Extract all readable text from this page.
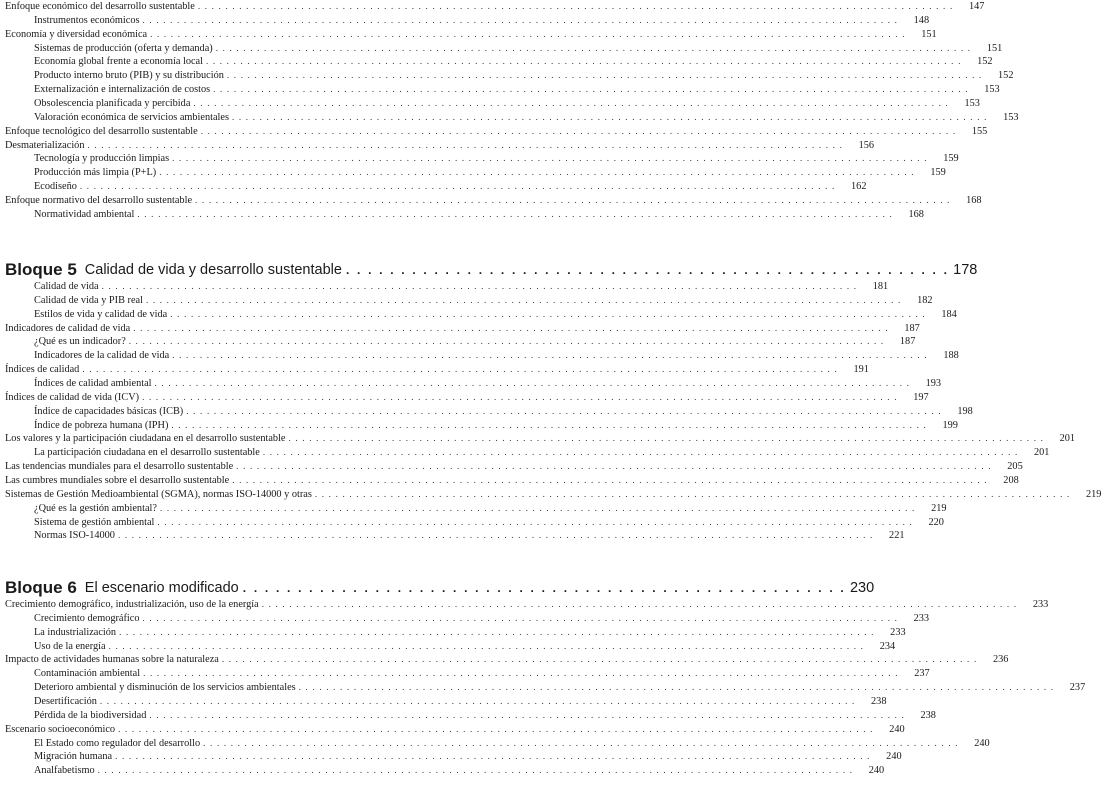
Enfoque económico del desarrollo sustentable . . . . . . . . . . . . . . . . . . . . . . . . . . . . . . . . . . . . . . . . . . . . . . . . . . . . . . . . . . . . . . . . . . . . . . . . . . . . . . . . . . . . . . . . . . . . . . . . . . . . . . . . . . . . . .	147
Instrumentos económicos . . . . . . . . . . . . . . . . . . . . . . . . . . . . . . . . . . . . . . . . . . . . . . . . . . . . . . . . . . . . . . . . . . . . . . . . . . . . . . . . . . . . . . . . . . . . . . . . . . . . . . . . . . . . . .	148
Economía y diversidad económica . . . . . . . . . . . . . . . . . . . . . . . . . . . . . . . . . . . . . . . . . . . . . . . . . . . . . . . . . . . . . . . . . . . . . . . . . . . . . . . . . . . . . . . . . . . . . . . . . . . . . . . . . . . . . .	151
Sistemas de producción (oferta y demanda) . . . . . . . . . . . . . . . . . . . . . . . . . . . . . . . . . . . . . . . . . . . . . . . . . . . . . . . . . . . . . . . . . . . . . . . . . . . . . . . . . . . . . . . . . . . . . . . . . . . . . . . . . . . . . .	151
Economía global frente a economía local . . . . . . . . . . . . . . . . . . . . . . . . . . . . . . . . . . . . . . . . . . . . . . . . . . . . . . . . . . . . . . . . . . . . . . . . . . . . . . . . . . . . . . . . . . . . . . . . . . . . . . . . . . . . . .	152
Producto interno bruto (PIB) y su distribución . . . . . . . . . . . . . . . . . . . . . . . . . . . . . . . . . . . . . . . . . . . . . . . . . . . . . . . . . . . . . . . . . . . . . . . . . . . . . . . . . . . . . . . . . . . . . . . . . . . . . . . . . . . . . .	152
Externalización e internalización de costos . . . . . . . . . . . . . . . . . . . . . . . . . . . . . . . . . . . . . . . . . . . . . . . . . . . . . . . . . . . . . . . . . . . . . . . . . . . . . . . . . . . . . . . . . . . . . . . . . . . . . . . . . . . . . .	153
Obsolescencia planificada y percibida . . . . . . . . . . . . . . . . . . . . . . . . . . . . . . . . . . . . . . . . . . . . . . . . . . . . . . . . . . . . . . . . . . . . . . . . . . . . . . . . . . . . . . . . . . . . . . . . . . . . . . . . . . . . . .	153
Valoración económica de servicios ambientales . . . . . . . . . . . . . . . . . . . . . . . . . . . . . . . . . . . . . . . . . . . . . . . . . . . . . . . . . . . . . . . . . . . . . . . . . . . . . . . . . . . . . . . . . . . . . . . . . . . . . . . . . . . . . .	153
Enfoque tecnológico del desarrollo sustentable . . . . . . . . . . . . . . . . . . . . . . . . . . . . . . . . . . . . . . . . . . . . . . . . . . . . . . . . . . . . . . . . . . . . . . . . . . . . . . . . . . . . . . . . . . . . . . . . . . . . . . . . . . . . . .	155
Desmaterialización . . . . . . . . . . . . . . . . . . . . . . . . . . . . . . . . . . . . . . . . . . . . . . . . . . . . . . . . . . . . . . . . . . . . . . . . . . . . . . . . . . . . . . . . . . . . . . . . . . . . . . . . . . . . . .	156
Tecnología y producción limpias . . . . . . . . . . . . . . . . . . . . . . . . . . . . . . . . . . . . . . . . . . . . . . . . . . . . . . . . . . . . . . . . . . . . . . . . . . . . . . . . . . . . . . . . . . . . . . . . . . . . . . . . . . . . . .	159
Producción más limpia (P+L) . . . . . . . . . . . . . . . . . . . . . . . . . . . . . . . . . . . . . . . . . . . . . . . . . . . . . . . . . . . . . . . . . . . . . . . . . . . . . . . . . . . . . . . . . . . . . . . . . . . . . . . . . . . . . .	159
Ecodiseño . . . . . . . . . . . . . . . . . . . . . . . . . . . . . . . . . . . . . . . . . . . . . . . . . . . . . . . . . . . . . . . . . . . . . . . . . . . . . . . . . . . . . . . . . . . . . . . . . . . . . . . . . . . . . .	162
Enfoque normativo del desarrollo sustentable . . . . . . . . . . . . . . . . . . . . . . . . . . . . . . . . . . . . . . . . . . . . . . . . . . . . . . . . . . . . . . . . . . . . . . . . . . . . . . . . . . . . . . . . . . . . . . . . . . . . . . . . . . . . . .	168
Normatividad ambiental . . . . . . . . . . . . . . . . . . . . . . . . . . . . . . . . . . . . . . . . . . . . . . . . . . . . . . . . . . . . . . . . . . . . . . . . . . . . . . . . . . . . . . . . . . . . . . . . . . . . . . . . . . . . . .	168
Bloque 5 Calidad de vida y desarrollo sustentable . . . . . . . . . . . . . . . . . . . . . . . . . . . . . . . . . . . . . . . . . . . . . . . . . . . . . . . 178
Calidad de vida . . . . . . . . . . . . . . . . . . . . . . . . . . . . . . . . . . . . . . . . . . . . . . . . . . . . . . . . . . . . . . . . . . . . . . . . . . . . . . . . . . . . . . . . . . . . . . . . . . . . . . . . . . . . . .	181
Calidad de vida y PIB real . . . . . . . . . . . . . . . . . . . . . . . . . . . . . . . . . . . . . . . . . . . . . . . . . . . . . . . . . . . . . . . . . . . . . . . . . . . . . . . . . . . . . . . . . . . . . . . . . . . . . . . . . . . . . .	182
Estilos de vida y calidad de vida . . . . . . . . . . . . . . . . . . . . . . . . . . . . . . . . . . . . . . . . . . . . . . . . . . . . . . . . . . . . . . . . . . . . . . . . . . . . . . . . . . . . . . . . . . . . . . . . . . . . . . . . . . . . . .	184
Indicadores de calidad de vida . . . . . . . . . . . . . . . . . . . . . . . . . . . . . . . . . . . . . . . . . . . . . . . . . . . . . . . . . . . . . . . . . . . . . . . . . . . . . . . . . . . . . . . . . . . . . . . . . . . . . . . . . . . . . .	187
¿Qué es un indicador? . . . . . . . . . . . . . . . . . . . . . . . . . . . . . . . . . . . . . . . . . . . . . . . . . . . . . . . . . . . . . . . . . . . . . . . . . . . . . . . . . . . . . . . . . . . . . . . . . . . . . . . . . . . . . .	187
Indicadores de la calidad de vida . . . . . . . . . . . . . . . . . . . . . . . . . . . . . . . . . . . . . . . . . . . . . . . . . . . . . . . . . . . . . . . . . . . . . . . . . . . . . . . . . . . . . . . . . . . . . . . . . . . . . . . . . . . . . .	188
Índices de calidad . . . . . . . . . . . . . . . . . . . . . . . . . . . . . . . . . . . . . . . . . . . . . . . . . . . . . . . . . . . . . . . . . . . . . . . . . . . . . . . . . . . . . . . . . . . . . . . . . . . . . . . . . . . . . .	191
Índices de calidad ambiental . . . . . . . . . . . . . . . . . . . . . . . . . . . . . . . . . . . . . . . . . . . . . . . . . . . . . . . . . . . . . . . . . . . . . . . . . . . . . . . . . . . . . . . . . . . . . . . . . . . . . . . . . . . . . .	193
Índices de calidad de vida (ICV) . . . . . . . . . . . . . . . . . . . . . . . . . . . . . . . . . . . . . . . . . . . . . . . . . . . . . . . . . . . . . . . . . . . . . . . . . . . . . . . . . . . . . . . . . . . . . . . . . . . . . . . . . . . . . .	197
Índice de capacidades básicas (ICB) . . . . . . . . . . . . . . . . . . . . . . . . . . . . . . . . . . . . . . . . . . . . . . . . . . . . . . . . . . . . . . . . . . . . . . . . . . . . . . . . . . . . . . . . . . . . . . . . . . . . . . . . . . . . . .	198
Índice de pobreza humana (IPH) . . . . . . . . . . . . . . . . . . . . . . . . . . . . . . . . . . . . . . . . . . . . . . . . . . . . . . . . . . . . . . . . . . . . . . . . . . . . . . . . . . . . . . . . . . . . . . . . . . . . . . . . . . . . . .	199
Los valores y la participación ciudadana en el desarrollo sustentable . . . . . . . . . . . . . . . . . . . . . . . . . . . . . . . . . . . . . . . . . . . . . . . . . . . . . . . . . . . . . . . . . . . . . . . . . . . . . . . . . . . . . . . . . . . . . . . . . . . . . . . . . . . . . .	201
La participación ciudadana en el desarrollo sustentable . . . . . . . . . . . . . . . . . . . . . . . . . . . . . . . . . . . . . . . . . . . . . . . . . . . . . . . . . . . . . . . . . . . . . . . . . . . . . . . . . . . . . . . . . . . . . . . . . . . . . . . . . . . . . .	201
Las tendencias mundiales para el desarrollo sustentable . . . . . . . . . . . . . . . . . . . . . . . . . . . . . . . . . . . . . . . . . . . . . . . . . . . . . . . . . . . . . . . . . . . . . . . . . . . . . . . . . . . . . . . . . . . . . . . . . . . . . . . . . . . . . .	205
Las cumbres mundiales sobre el desarrollo sustentable . . . . . . . . . . . . . . . . . . . . . . . . . . . . . . . . . . . . . . . . . . . . . . . . . . . . . . . . . . . . . . . . . . . . . . . . . . . . . . . . . . . . . . . . . . . . . . . . . . . . . . . . . . . . . .	208
Sistemas de Gestión Medioambiental (SGMA), normas ISO-14000 y otras . . . . . . . . . . . . . . . . . . . . . . . . . . . . . . . . . . . . . . . . . . . . . . . . . . . . . . . . . . . . . . . . . . . . . . . . . . . . . . . . . . . . . . . . . . . . . . . . . . . . . . . . . . . . . .	219
¿Qué es la gestión ambiental? . . . . . . . . . . . . . . . . . . . . . . . . . . . . . . . . . . . . . . . . . . . . . . . . . . . . . . . . . . . . . . . . . . . . . . . . . . . . . . . . . . . . . . . . . . . . . . . . . . . . . . . . . . . . . .	219
Sistema de gestión ambiental . . . . . . . . . . . . . . . . . . . . . . . . . . . . . . . . . . . . . . . . . . . . . . . . . . . . . . . . . . . . . . . . . . . . . . . . . . . . . . . . . . . . . . . . . . . . . . . . . . . . . . . . . . . . . .	220
Normas ISO-14000 . . . . . . . . . . . . . . . . . . . . . . . . . . . . . . . . . . . . . . . . . . . . . . . . . . . . . . . . . . . . . . . . . . . . . . . . . . . . . . . . . . . . . . . . . . . . . . . . . . . . . . . . . . . . . .	221
Bloque 6 El escenario modificado . . . . . . . . . . . . . . . . . . . . . . . . . . . . . . . . . . . . . . . . . . . . . . . . . . . . . . . 230
Crecimiento demográfico, industrialización, uso de la energía . . . . . . . . . . . . . . . . . . . . . . . . . . . . . . . . . . . . . . . . . . . . . . . . . . . . . . . . . . . . . . . . . . . . . . . . . . . . . . . . . . . . . . . . . . . . . . . . . . . . . . . . . . . . . .	233
Crecimiento demográfico . . . . . . . . . . . . . . . . . . . . . . . . . . . . . . . . . . . . . . . . . . . . . . . . . . . . . . . . . . . . . . . . . . . . . . . . . . . . . . . . . . . . . . . . . . . . . . . . . . . . . . . . . . . . . .	233
La industrialización . . . . . . . . . . . . . . . . . . . . . . . . . . . . . . . . . . . . . . . . . . . . . . . . . . . . . . . . . . . . . . . . . . . . . . . . . . . . . . . . . . . . . . . . . . . . . . . . . . . . . . . . . . . . . .	233
Uso de la energía . . . . . . . . . . . . . . . . . . . . . . . . . . . . . . . . . . . . . . . . . . . . . . . . . . . . . . . . . . . . . . . . . . . . . . . . . . . . . . . . . . . . . . . . . . . . . . . . . . . . . . . . . . . . . .	234
Impacto de actividades humanas sobre la naturaleza . . . . . . . . . . . . . . . . . . . . . . . . . . . . . . . . . . . . . . . . . . . . . . . . . . . . . . . . . . . . . . . . . . . . . . . . . . . . . . . . . . . . . . . . . . . . . . . . . . . . . . . . . . . . . .	236
Contaminación ambiental . . . . . . . . . . . . . . . . . . . . . . . . . . . . . . . . . . . . . . . . . . . . . . . . . . . . . . . . . . . . . . . . . . . . . . . . . . . . . . . . . . . . . . . . . . . . . . . . . . . . . . . . . . . . . .	237
Deterioro ambiental y disminución de los servicios ambientales . . . . . . . . . . . . . . . . . . . . . . . . . . . . . . . . . . . . . . . . . . . . . . . . . . . . . . . . . . . . . . . . . . . . . . . . . . . . . . . . . . . . . . . . . . . . . . . . . . . . . . . . . . . . . .	237
Desertificación . . . . . . . . . . . . . . . . . . . . . . . . . . . . . . . . . . . . . . . . . . . . . . . . . . . . . . . . . . . . . . . . . . . . . . . . . . . . . . . . . . . . . . . . . . . . . . . . . . . . . . . . . . . . . .	238
Pérdida de la biodiversidad . . . . . . . . . . . . . . . . . . . . . . . . . . . . . . . . . . . . . . . . . . . . . . . . . . . . . . . . . . . . . . . . . . . . . . . . . . . . . . . . . . . . . . . . . . . . . . . . . . . . . . . . . . . . . .	238
Escenario socioeconómico . . . . . . . . . . . . . . . . . . . . . . . . . . . . . . . . . . . . . . . . . . . . . . . . . . . . . . . . . . . . . . . . . . . . . . . . . . . . . . . . . . . . . . . . . . . . . . . . . . . . . . . . . . . . . .	240
El Estado como regulador del desarrollo . . . . . . . . . . . . . . . . . . . . . . . . . . . . . . . . . . . . . . . . . . . . . . . . . . . . . . . . . . . . . . . . . . . . . . . . . . . . . . . . . . . . . . . . . . . . . . . . . . . . . . . . . . . . . .	240
Migración humana . . . . . . . . . . . . . . . . . . . . . . . . . . . . . . . . . . . . . . . . . . . . . . . . . . . . . . . . . . . . . . . . . . . . . . . . . . . . . . . . . . . . . . . . . . . . . . . . . . . . . . . . . . . . . .	240
Analfabetismo . . . . . . . . . . . . . . . . . . . . . . . . . . . . . . . . . . . . . . . . . . . . . . . . . . . . . . . . . . . . . . . . . . . . . . . . . . . . . . . . . . . . . . . . . . . . . . . . . . . . . . . . . . . . . .	240
